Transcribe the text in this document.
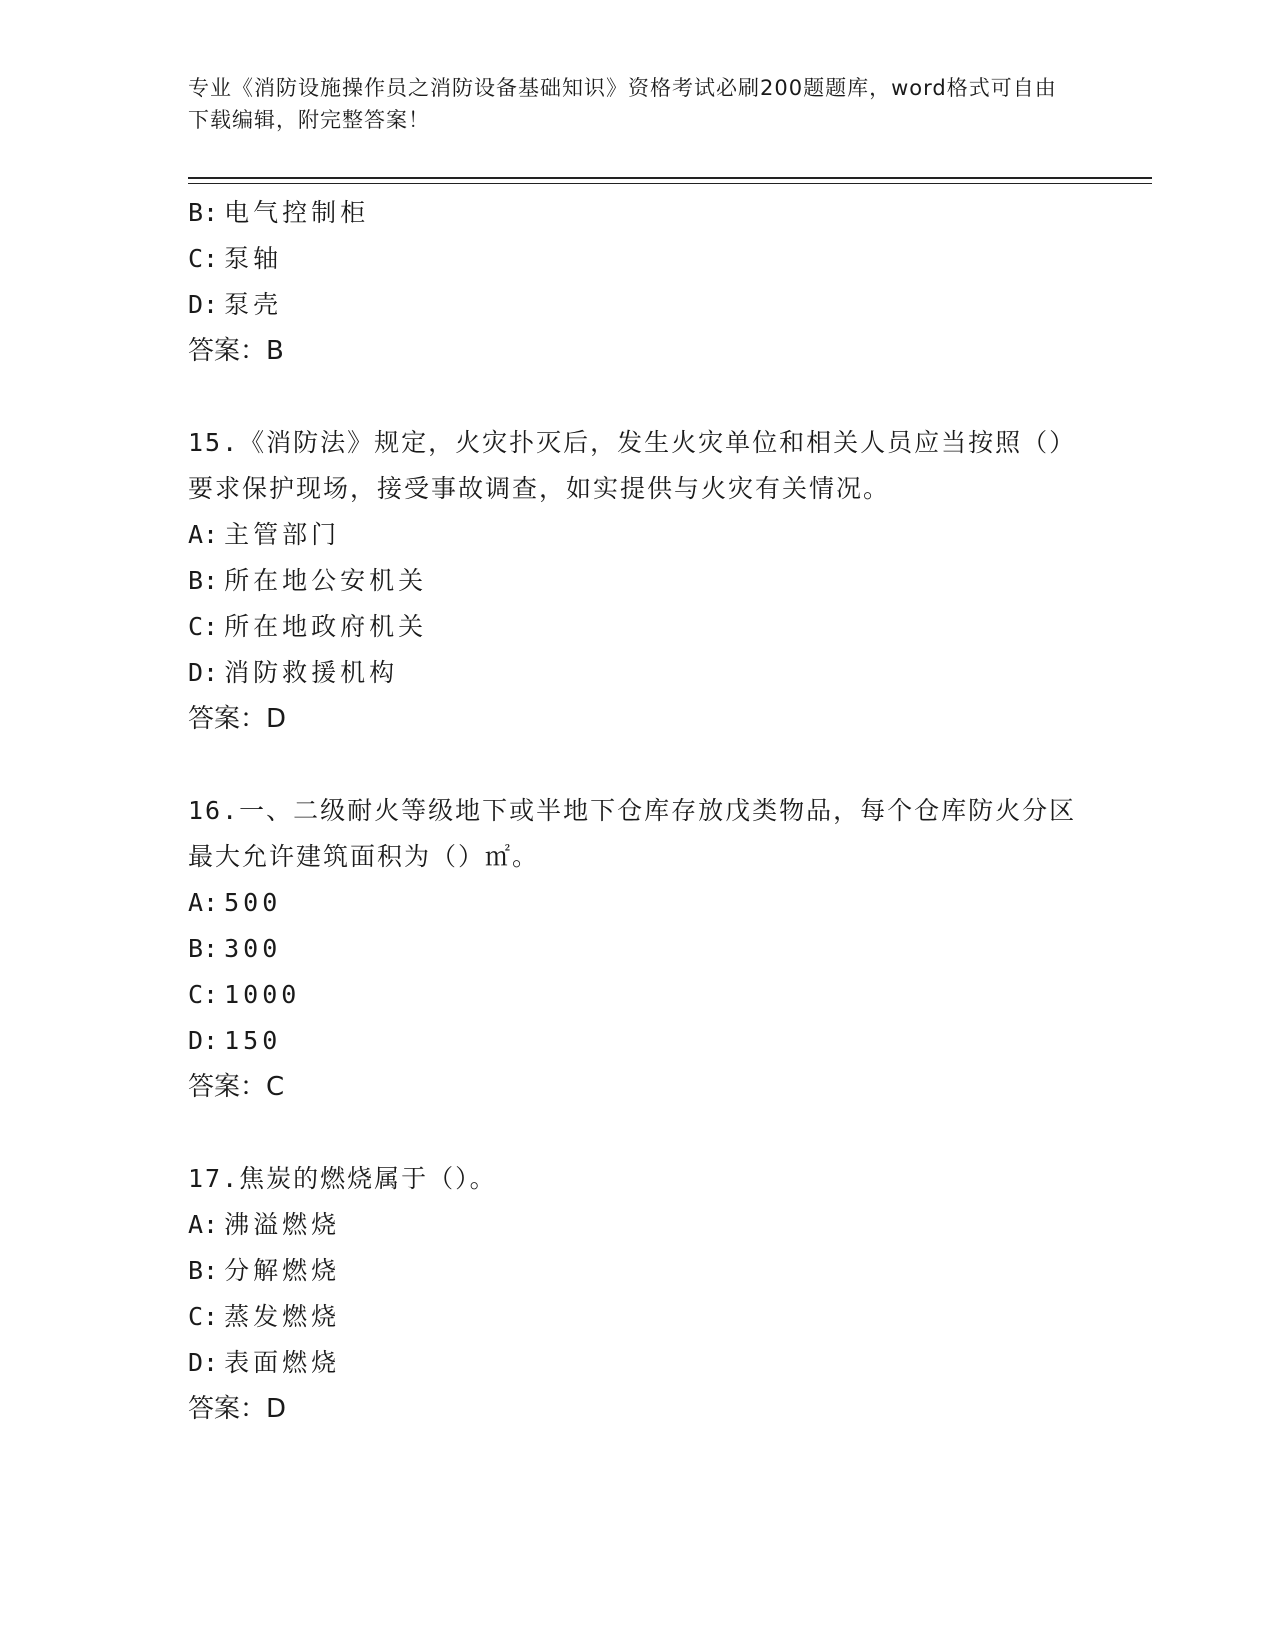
专业《消防设施操作员之消防设备基础知识》资格考试必刷200题题库，word格式可自由下载编辑，附完整答案！
B: 电气控制柜
C: 泵轴
D: 泵壳
答案：B
15.《消防法》规定，火灾扑灭后，发生火灾单位和相关人员应当按照（）要求保护现场，接受事故调查，如实提供与火灾有关情况。
A: 主管部门
B: 所在地公安机关
C: 所在地政府机关
D: 消防救援机构
答案：D
16.一、二级耐火等级地下或半地下仓库存放戊类物品，每个仓库防火分区最大允许建筑面积为（）㎡。
A: 500
B: 300
C: 1000
D: 150
答案：C
17.焦炭的燃烧属于（）。
A: 沸溢燃烧
B: 分解燃烧
C: 蒸发燃烧
D: 表面燃烧
答案：D
